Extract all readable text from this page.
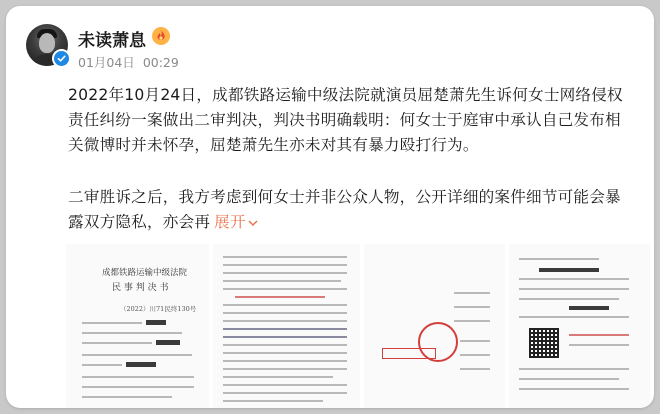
未读萧息
01月04日 00:29

2022年10月24日，成都铁路运输中级法院就演员屈楚萧先生诉何女士网络侵权责任纠纷一案做出二审判决，判决书明确载明：何女士于庭审中承认自己发布相关微博时并未怀孕，屈楚萧先生亦未对其有暴力殴打行为。

二审胜诉之后，我方考虑到何女士并非公众人物，公开详细的案件细节可能会暴露双方隐私，亦会再 展开

成都铁路运输中级法院
民 事 判 决 书
（2022）川71民终130号
